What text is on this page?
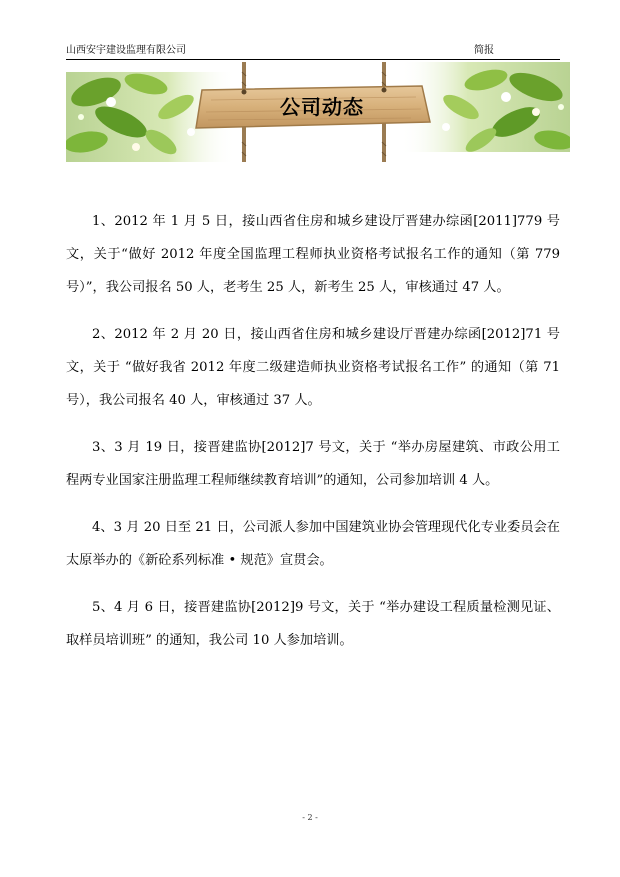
山西安宇建设监理有限公司	简报
公司动态

1、2012 年 1 月 5 日，接山西省住房和城乡建设厅晋建办综函[2011]779 号文，关于“做好 2012 年度全国监理工程师执业资格考试报名工作的通知（第 779 号）”，我公司报名 50 人，老考生 25 人，新考生 25 人，审核通过 47 人。

2、2012 年 2 月 20 日，接山西省住房和城乡建设厅晋建办综函[2012]71 号文，关于 “做好我省 2012 年度二级建造师执业资格考试报名工作” 的通知（第 71 号），我公司报名 40 人，审核通过 37 人。

3、3 月 19 日，接晋建监协[2012]7 号文，关于 “举办房屋建筑、市政公用工程两专业国家注册监理工程师继续教育培训”的通知，公司参加培训 4 人。

4、3 月 20 日至 21 日，公司派人参加中国建筑业协会管理现代化专业委员会在太原举办的《新砼系列标准 • 规范》宣贯会。

5、4 月 6 日，接晋建监协[2012]9 号文，关于 “举办建设工程质量检测见证、取样员培训班” 的通知，我公司 10 人参加培训。

- 2 -
